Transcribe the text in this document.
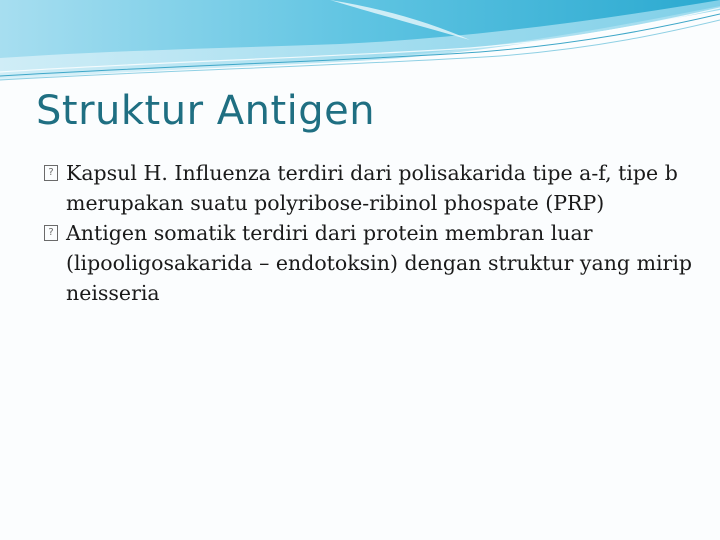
Struktur Antigen
? Kapsul H. Influenza terdiri dari polisakarida tipe a-f, tipe b merupakan suatu polyribose-ribinol phospate (PRP)
? Antigen somatik terdiri dari protein membran luar (lipooligosakarida – endotoksin) dengan struktur yang mirip neisseria
